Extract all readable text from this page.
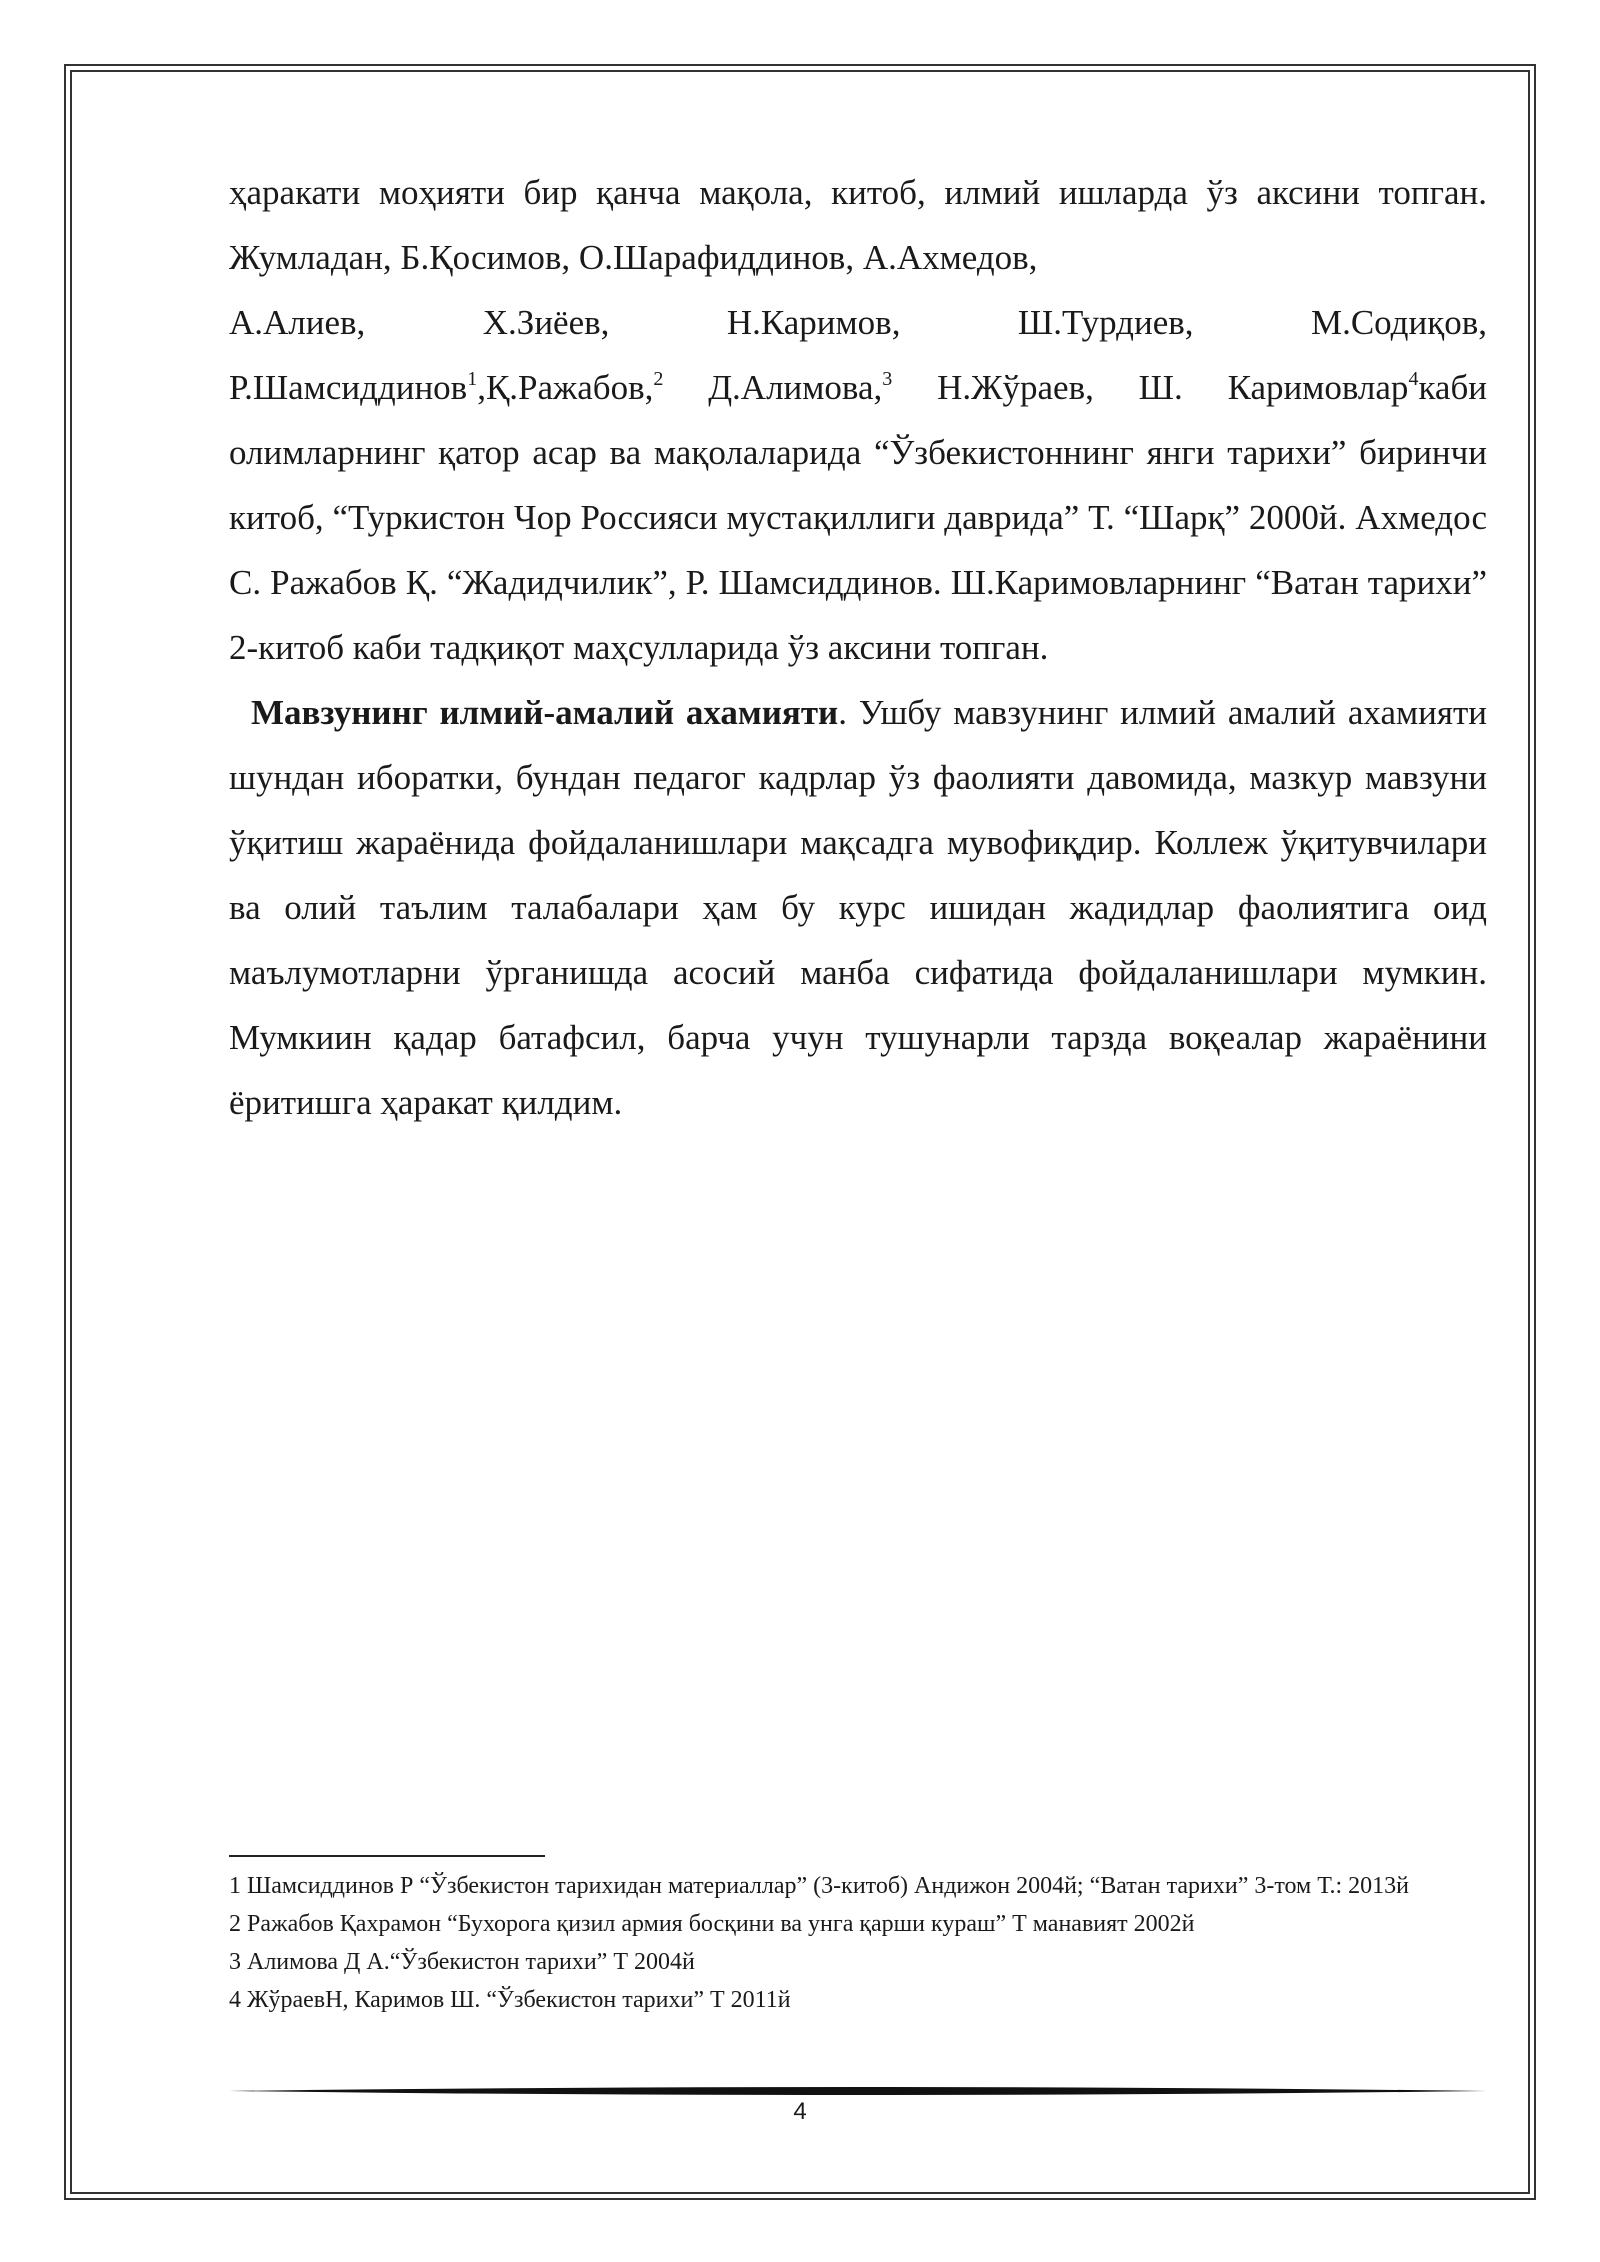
ҳаракати моҳияти бир қанча мақола, китоб, илмий ишларда ўз аксини топган.
Жумладан, Б.Қосимов, О.Шарафиддинов, А.Ахмедов,
А.Алиев,	Х.Зиёев,	Н.Каримов,	Ш.Турдиев,	М.Содиқов,
Р.Шамсиддинов$^1$,Қ.Ражабов,$^2$ Д.Алимова,$^3$ Н.Жўраев, Ш. Каримовлар$^4$каби
олимларнинг қатор асар ва мақолаларида “Ўзбекистоннинг янги тарихи” биринчи китоб, “Туркистон Чор Россияси мустақиллиги даврида” Т. “Шарқ” 2000й. Ахмедос С. Ражабов Қ. “Жадидчилик”, Р. Шамсиддинов. Ш.Каримовларнинг “Ватан тарихи” 2-китоб каби тадқиқот маҳсулларида ўз аксини топган.

Мавзунинг илмий-амалий ахамияти. Ушбу мавзунинг илмий амалий ахамияти шундан иборатки, бундан педагог кадрлар ўз фаолияти давомида, мазкур мавзуни ўқитиш жараёнида фойдаланишлари мақсадга мувофиқдир. Коллеж ўқитувчилари ва олий таълим талабалари ҳам бу курс ишидан жадидлар фаолиятига оид маълумотларни ўрганишда асосий манба сифатида фойдаланишлари мумкин. Мумкиин қадар батафсил, барча учун тушунарли тарзда воқеалар жараёнини ёритишга ҳаракат қилдим.

1 Шамсиддинов Р “Ўзбекистон тарихидан материаллар” (3-китоб) Андижон 2004й; “Ватан тарихи” 3-том Т.: 2013й

2 Ражабов Қахрамон “Бухорога қизил армия босқини ва унга қарши кураш” Т манавият 2002й

3 Алимова Д А.“Ўзбекистон тарихи” Т 2004й

4 ЖўраевН, Каримов Ш. “Ўзбекистон тарихи” Т 2011й

4
